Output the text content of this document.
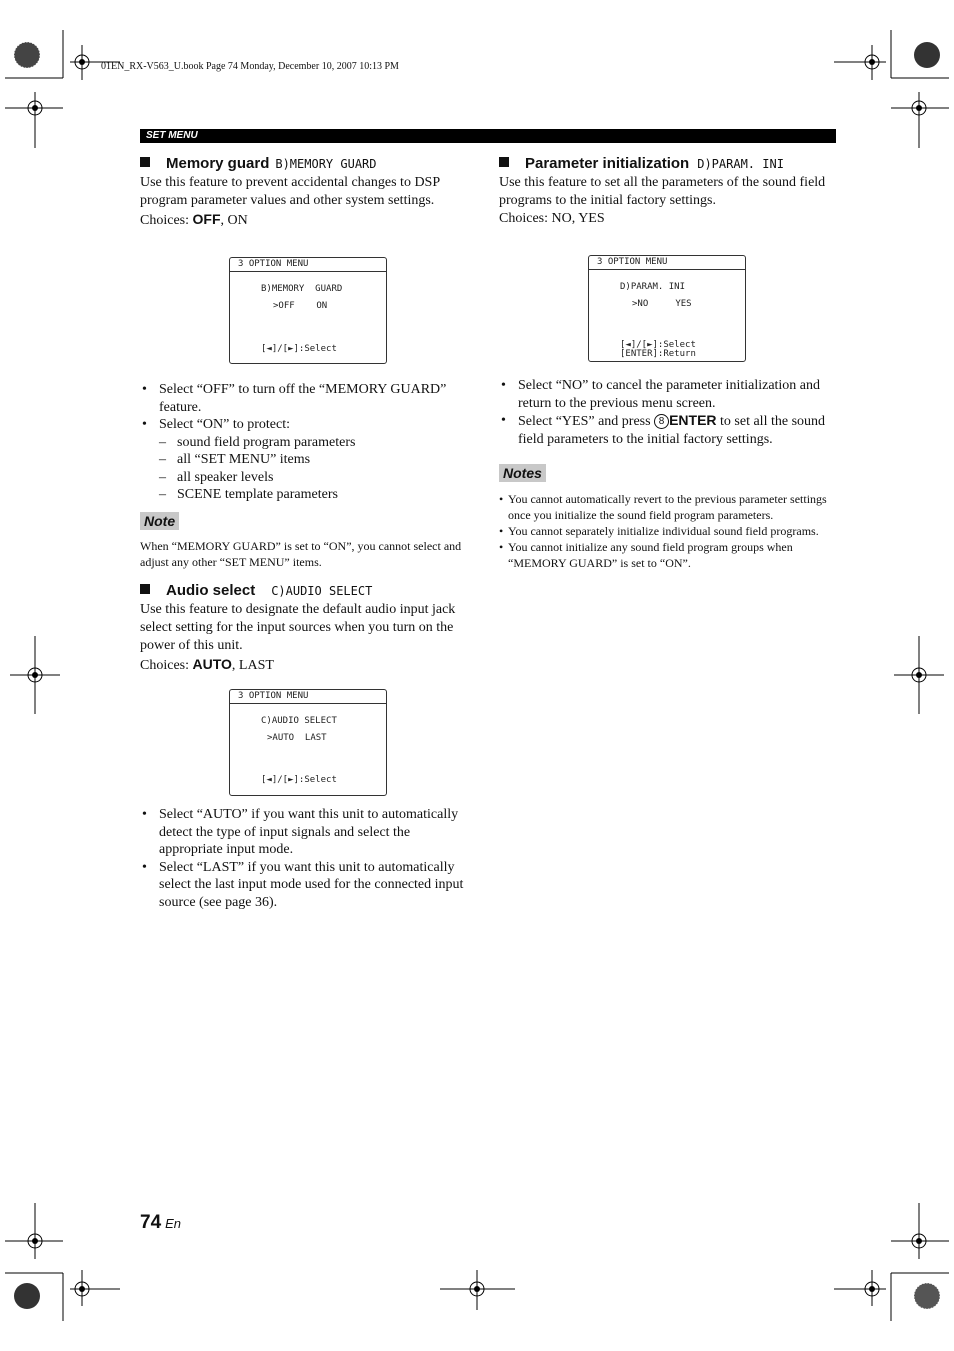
01EN_RX-V563_U.book Page 74 Monday, December 10, 2007 10:13 PM
SET MENU
Memory guard B)MEMORY GUARD

Use this feature to prevent accidental changes to DSP program parameter values and other system settings.
Choices: OFF, ON

3 OPTION MENU
B)MEMORY  GUARD
>OFF    ON
[◄]/[►]:Select
• Select “OFF” to turn off the “MEMORY GUARD” feature.
• Select “ON” to protect:
– sound field program parameters
– all “SET MENU” items
– all speaker levels
– SCENE template parameters
Note

When “MEMORY GUARD” is set to “ON”, you cannot select and adjust any other “SET MENU” items.

Audio select C)AUDIO SELECT

Use this feature to designate the default audio input jack select setting for the input sources when you turn on the power of this unit.
Choices: AUTO, LAST

3 OPTION MENU
C)AUDIO SELECT
>AUTO  LAST
[◄]/[►]:Select
• Select “AUTO” if you want this unit to automatically detect the type of input signals and select the appropriate input mode.
• Select “LAST” if you want this unit to automatically select the last input mode used for the connected input source (see page 36).
Parameter initialization D)PARAM. INI

Use this feature to set all the parameters of the sound field programs to the initial factory settings.
Choices: NO, YES

3 OPTION MENU
D)PARAM. INI
>NO     YES
[◄]/[►]:Select
[ENTER]:Return
• Select “NO” to cancel the parameter initialization and return to the previous menu screen.
• Select “YES” and press 8 ENTER to set all the sound field parameters to the initial factory settings.
Notes
• You cannot automatically revert to the previous parameter settings once you initialize the sound field program parameters.
• You cannot separately initialize individual sound field programs.
• You cannot initialize any sound field program groups when “MEMORY GUARD” is set to “ON”.
74 En
